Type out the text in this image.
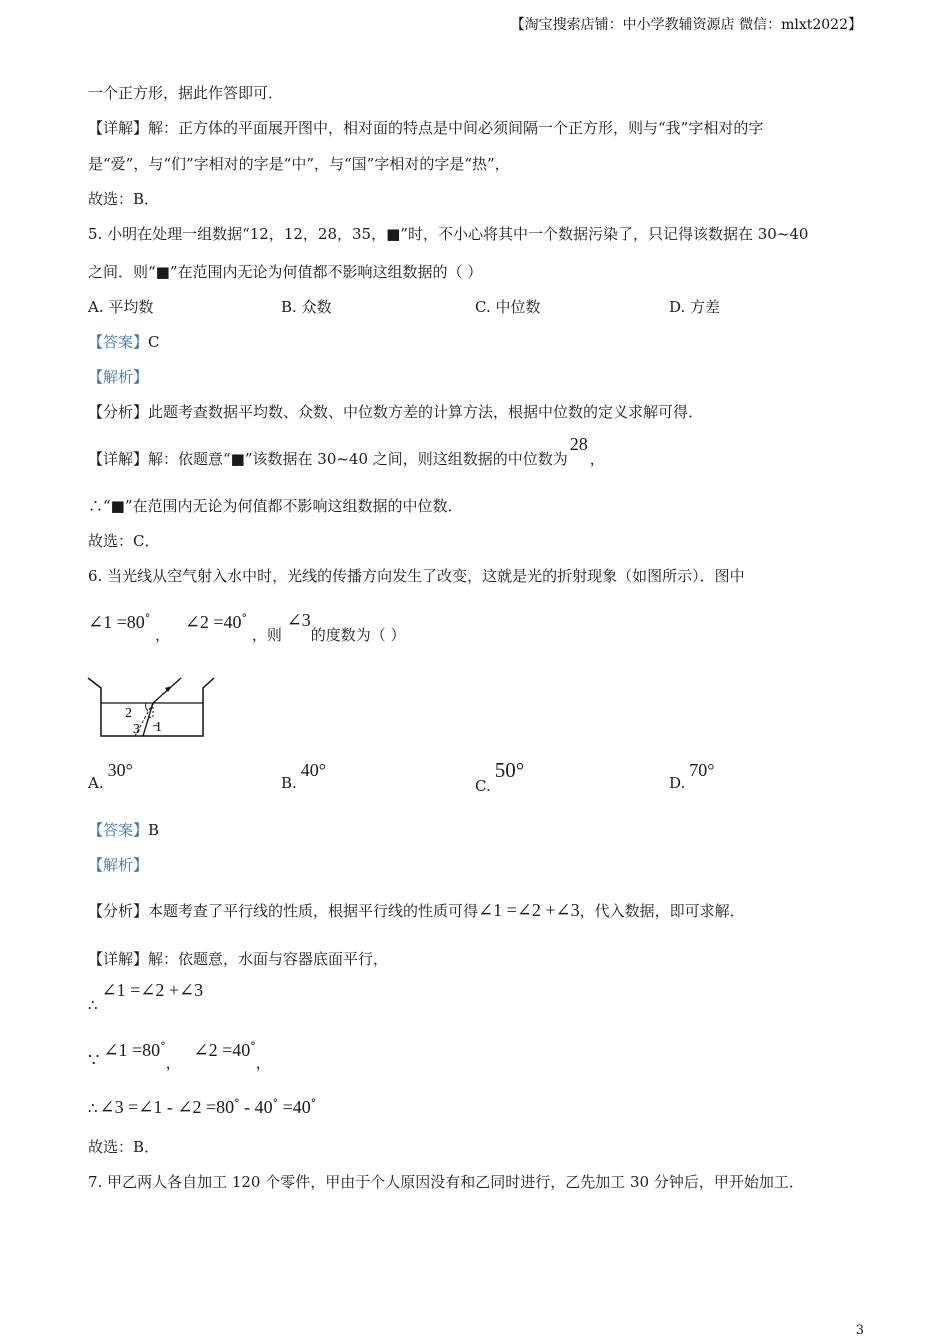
【淘宝搜索店铺：中小学教辅资源店 微信：mlxt2022】
一个正方形，据此作答即可．
【详解】解：正方体的平面展开图中，相对面的特点是中间必须间隔一个正方形，则与“我”字相对的字
是“爱”，与“们”字相对的字是“中”，与“国”字相对的字是“热”，
故选：B．
5. 小明在处理一组数据“12，12，28，35，■”时，不小心将其中一个数据污染了，只记得该数据在 30~40
之间．则“■”在范围内无论为何值都不影响这组数据的（ ）
A. 平均数	B. 众数	C. 中位数	D. 方差
【答案】C
【解析】
【分析】此题考查数据平均数、众数、中位数方差的计算方法，根据中位数的定义求解可得．
【详解】解：依题意“■”该数据在 30~40 之间，则这组数据的中位数为28，
∴“■”在范围内无论为何值都不影响这组数据的中位数．
故选：C．
6. 当光线从空气射入水中时，光线的传播方向发生了改变，这就是光的折射现象（如图所示）．图中
∠1 =80° ， ∠2 =40° ，则 ∠3的度数为（ ）
2
3 1
A.30°
B.40°
C.50°
D.70°
【答案】B
【解析】
【分析】本题考查了平行线的性质，根据平行线的性质可得∠1 =∠2 +∠3，代入数据，即可求解．
【详解】解：依题意，水面与容器底面平行，
∴∠1 =∠2 +∠3
∵ ∠1 =80°， ∠2 =40°，
∴ ∠3 =∠1 - ∠2 =80° - 40° =40°
故选：B．
7. 甲乙两人各自加工 120 个零件，甲由于个人原因没有和乙同时进行，乙先加工 30 分钟后，甲开始加工．
3
